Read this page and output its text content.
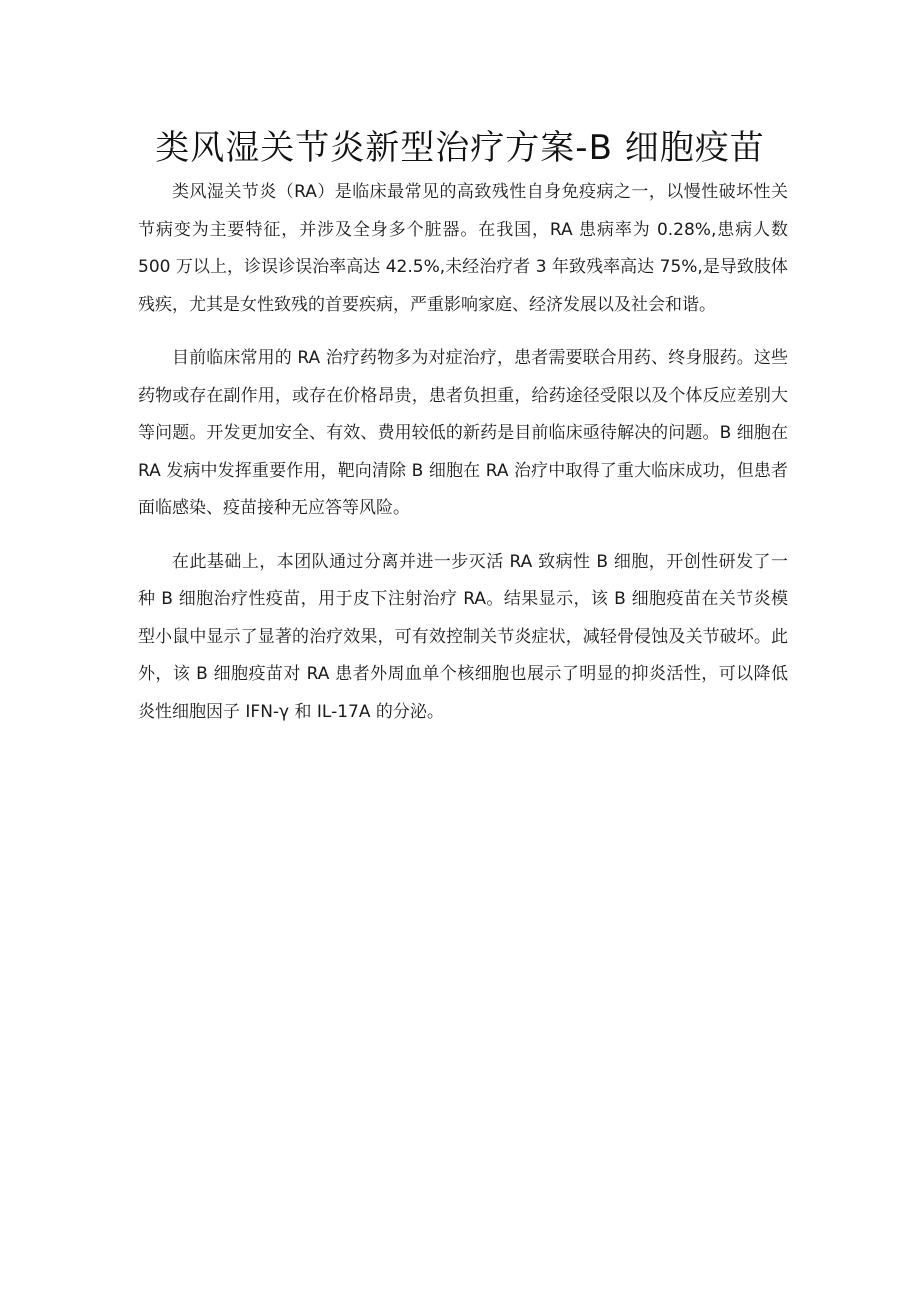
类风湿关节炎新型治疗方案-B 细胞疫苗

类风湿关节炎（RA）是临床最常见的高致残性自身免疫病之一，以慢性破坏性关节病变为主要特征，并涉及全身多个脏器。在我国，RA 患病率为 0.28%,患病人数 500 万以上，诊误诊误治率高达 42.5%,未经治疗者 3 年致残率高达 75%,是导致肢体残疾，尤其是女性致残的首要疾病，严重影响家庭、经济发展以及社会和谐。

目前临床常用的 RA 治疗药物多为对症治疗，患者需要联合用药、终身服药。这些药物或存在副作用，或存在价格昂贵，患者负担重，给药途径受限以及个体反应差别大等问题。开发更加安全、有效、费用较低的新药是目前临床亟待解决的问题。B 细胞在 RA 发病中发挥重要作用，靶向清除 B 细胞在 RA 治疗中取得了重大临床成功，但患者面临感染、疫苗接种无应答等风险。

在此基础上，本团队通过分离并进一步灭活 RA 致病性 B 细胞，开创性研发了一种 B 细胞治疗性疫苗，用于皮下注射治疗 RA。结果显示，该 B 细胞疫苗在关节炎模型小鼠中显示了显著的治疗效果，可有效控制关节炎症状，减轻骨侵蚀及关节破坏。此外，该 B 细胞疫苗对 RA 患者外周血单个核细胞也展示了明显的抑炎活性，可以降低炎性细胞因子 IFN-γ 和 IL-17A 的分泌。
